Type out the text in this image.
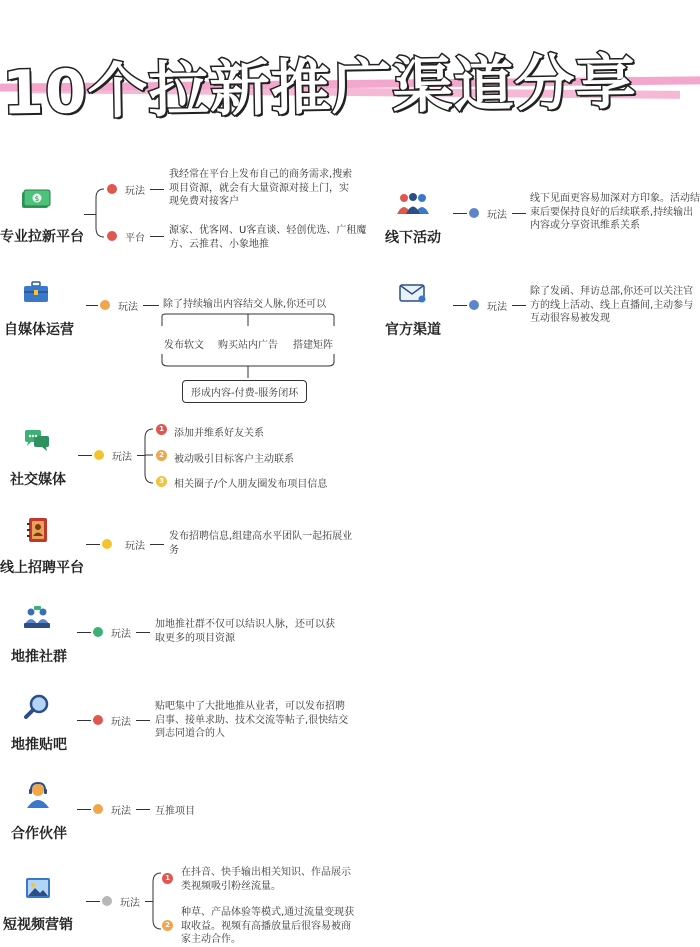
10个拉新推广渠道分享
$
专业拉新平台
玩法
我经常在平台上发布自己的商务需求,搜索项目资源，就会有大量资源对接上门，实现免费对接客户
平台
源家、优客网、U客直谈、轻创优选、广租魔方、云推君、小象地推
自媒体运营
玩法	除了持续输出内容结交人脉,你还可以
发布软文 购买站内广告 搭建矩阵
形成内容-付费-服务闭环
社交媒体
玩法
1	添加并维系好友关系
2	被动吸引目标客户主动联系
3	相关圈子/个人朋友圈发布项目信息
线上招聘平台
玩法
发布招聘信息,组建高水平团队一起拓展业务
地推社群
玩法
加地推社群不仅可以结识人脉，还可以获取更多的项目资源
地推贴吧
玩法
贴吧集中了大批地推从业者，可以发布招聘启事、接单求助、技术交流等帖子,很快结交到志同道合的人
合作伙伴
玩法 互推项目
短视频营销
玩法
1	在抖音、快手输出相关知识、作品展示类视频吸引粉丝流量。
2
种草、产品体验等模式,通过流量变现获取收益。视频有高播放量后很容易被商家主动合作。
线下活动
玩法
线下见面更容易加深对方印象。活动结束后要保持良好的后续联系,持续输出内容或分享资讯维系关系
官方渠道
玩法
除了发函、拜访总部,你还可以关注官方的线上活动、线上直播间,主动参与互动很容易被发现
